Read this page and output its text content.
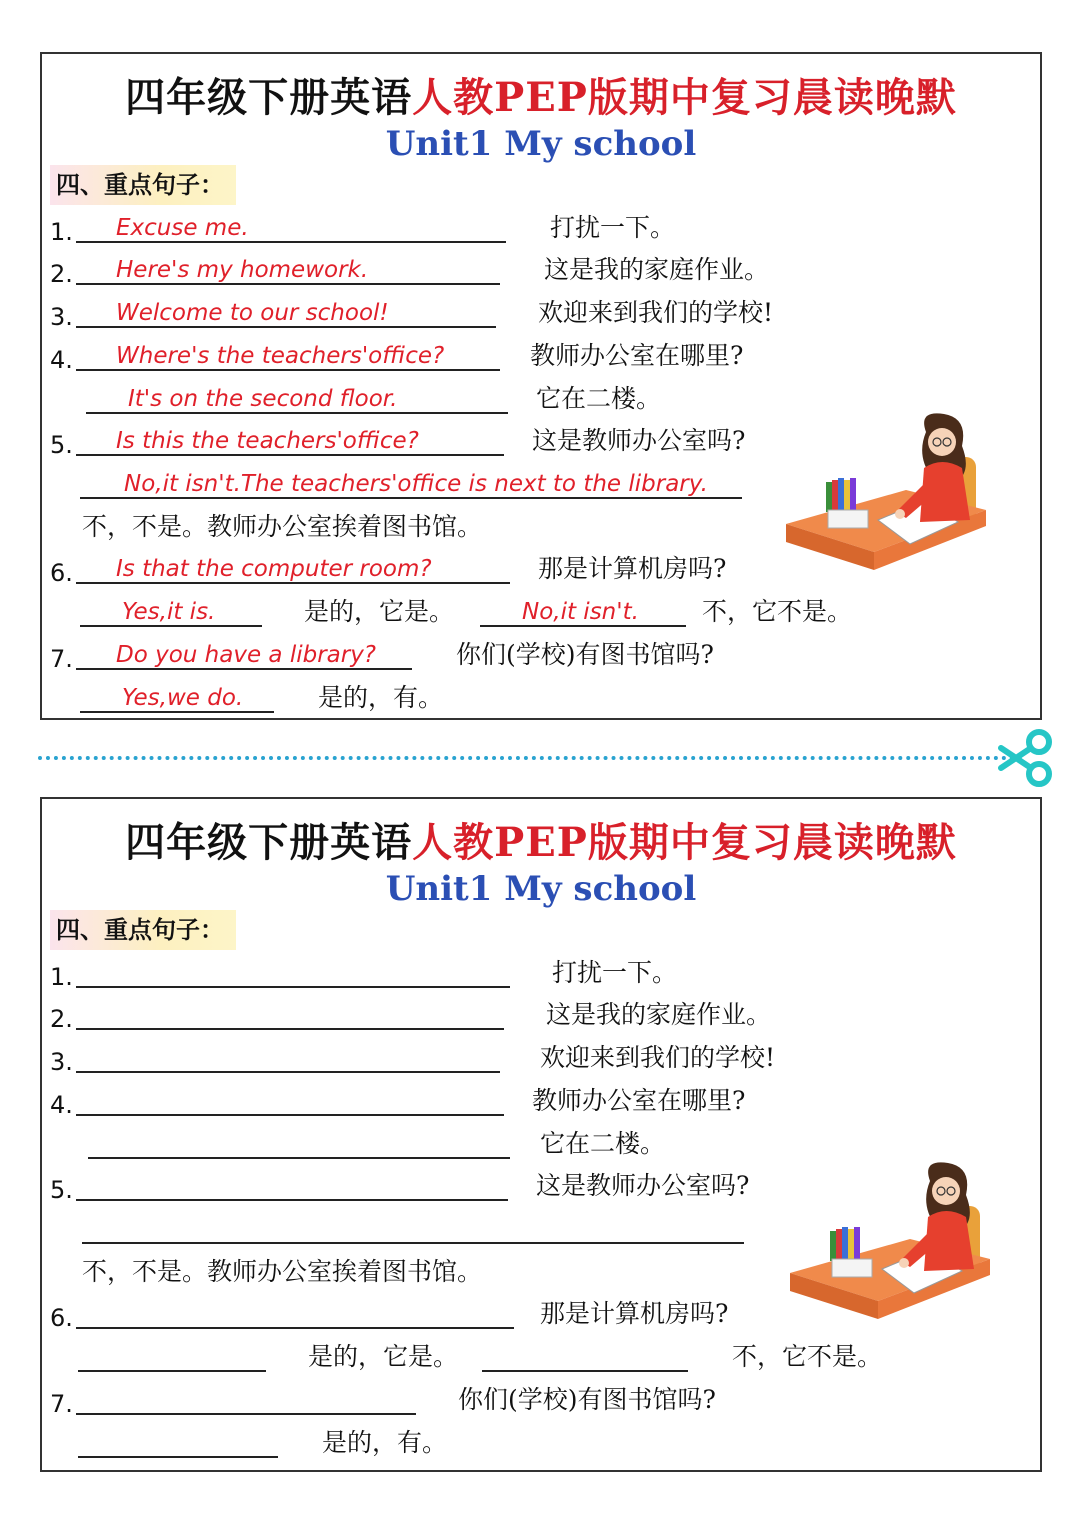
四年级下册英语人教PEP版期中复习晨读晚默
Unit1 My school
四、重点句子：
1.	Excuse me.	打扰一下。
2.	Here's my homework.	这是我的家庭作业。
3.	Welcome to our school!	欢迎来到我们的学校!
4.	Where's the teachers'office?	教师办公室在哪里?
It's on the second floor.	它在二楼。
5.	Is this the teachers'office?	这是教师办公室吗?
No,it isn't.The teachers'office is next to the library.
不，不是。教师办公室挨着图书馆。
6.	Is that the computer room?	那是计算机房吗?
Yes,it is.	是的，它是。	No,it isn't.	不，它不是。
7.	Do you have a library?	你们(学校)有图书馆吗?
Yes,we do.	是的，有。
四年级下册英语人教PEP版期中复习晨读晚默
Unit1 My school
四、重点句子：
1.	打扰一下。
2.	这是我的家庭作业。
3.	欢迎来到我们的学校!
4.	教师办公室在哪里?
它在二楼。
5.	这是教师办公室吗?
不，不是。教师办公室挨着图书馆。
6.	那是计算机房吗?
是的，它是。	不，它不是。
7.	你们(学校)有图书馆吗?
是的，有。
